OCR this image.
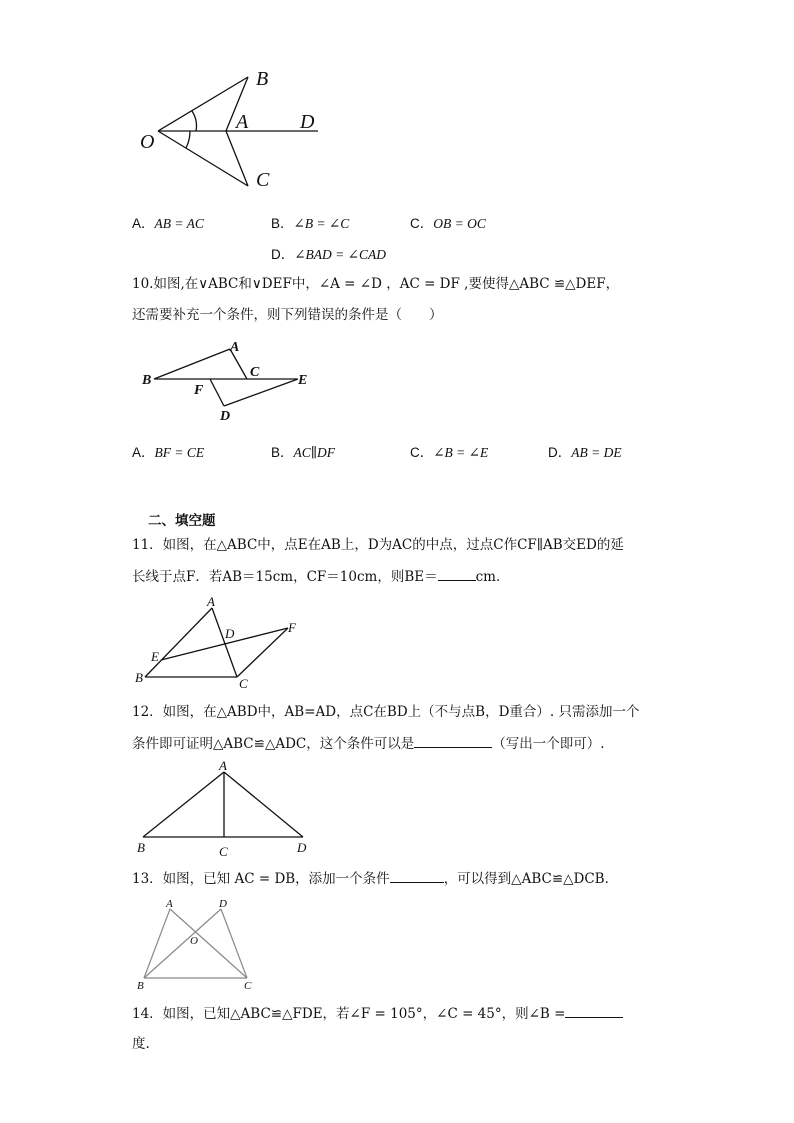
B
O
A	D
C
A．AB = AC	B．∠B = ∠C	C．OB = OC
D．∠BAD = ∠CAD
10.如图,在∨ABC和∨DEF中，∠A = ∠D ，AC = DF ,要使得△ABC ≌△DEF，
还需要补充一个条件，则下列错误的条件是（　　）
A
B
C
E
F
D
A．BF = CE	B．AC∥DF	C．∠B = ∠E	D．AB = DE
二、填空题
11．如图，在△ABC中，点E在AB上，D为AC的中点，过点C作CF∥AB交ED的延
长线于点F．若AB＝15cm，CF＝10cm，则BE＝	cm．
A
D	F
E
B	C
12．如图，在△ABD中，AB=AD，点C在BD上（不与点B，D重合）. 只需添加一个
条件即可证明△ABC≌△ADC，这个条件可以是	（写出一个即可）.
A
B	C	D
13．如图，已知 AC = DB，添加一个条件	，可以得到△ABC≌△DCB．
A	D
O
B	C
14．如图，已知△ABC≌△FDE，若∠F = 105°，∠C = 45°，则∠B =
度.
